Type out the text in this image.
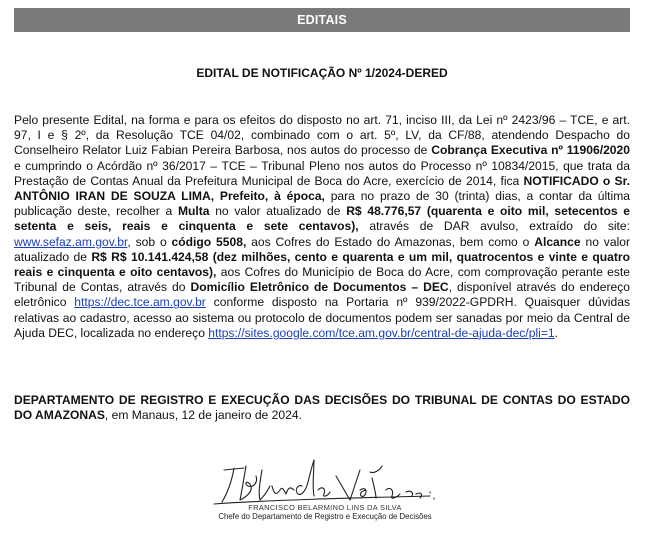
EDITAIS
EDITAL DE NOTIFICAÇÃO Nº 1/2024-DERED
Pelo presente Edital, na forma e para os efeitos do disposto no art. 71, inciso III, da Lei nº 2423/96 – TCE, e art. 97, I e § 2º, da Resolução TCE 04/02, combinado com o art. 5º, LV, da CF/88, atendendo Despacho do Conselheiro Relator Luiz Fabian Pereira Barbosa, nos autos do processo de Cobrança Executiva nº 11906/2020 e cumprindo o Acórdão nº 36/2017 – TCE – Tribunal Pleno nos autos do Processo nº 10834/2015, que trata da Prestação de Contas Anual da Prefeitura Municipal de Boca do Acre, exercício de 2014, fica NOTIFICADO o Sr. ANTÔNIO IRAN DE SOUZA LIMA, Prefeito, à época, para no prazo de 30 (trinta) dias, a contar da última publicação deste, recolher a Multa no valor atualizado de R$ 48.776,57 (quarenta e oito mil, setecentos e setenta e seis, reais e cinquenta e sete centavos), através de DAR avulso, extraído do site: www.sefaz.am.gov.br, sob o código 5508, aos Cofres do Estado do Amazonas, bem como o Alcance no valor atualizado de R$ R$ 10.141.424,58 (dez milhões, cento e quarenta e um mil, quatrocentos e vinte e quatro reais e cinquenta e oito centavos), aos Cofres do Município de Boca do Acre, com comprovação perante este Tribunal de Contas, através do Domicílio Eletrônico de Documentos – DEC, disponível através do endereço eletrônico https://dec.tce.am.gov.br conforme disposto na Portaria nº 939/2022-GPDRH. Quaisquer dúvidas relativas ao cadastro, acesso ao sistema ou protocolo de documentos podem ser sanadas por meio da Central de Ajuda DEC, localizada no endereço https://sites.google.com/tce.am.gov.br/central-de-ajuda-dec/pli=1.
DEPARTAMENTO DE REGISTRO E EXECUÇÃO DAS DECISÕES DO TRIBUNAL DE CONTAS DO ESTADO DO AMAZONAS, em Manaus, 12 de janeiro de 2024.
FRANCISCO BELARMINO LINS DA SILVA
Chefe do Departamento de Registro e Execução de Decisões
